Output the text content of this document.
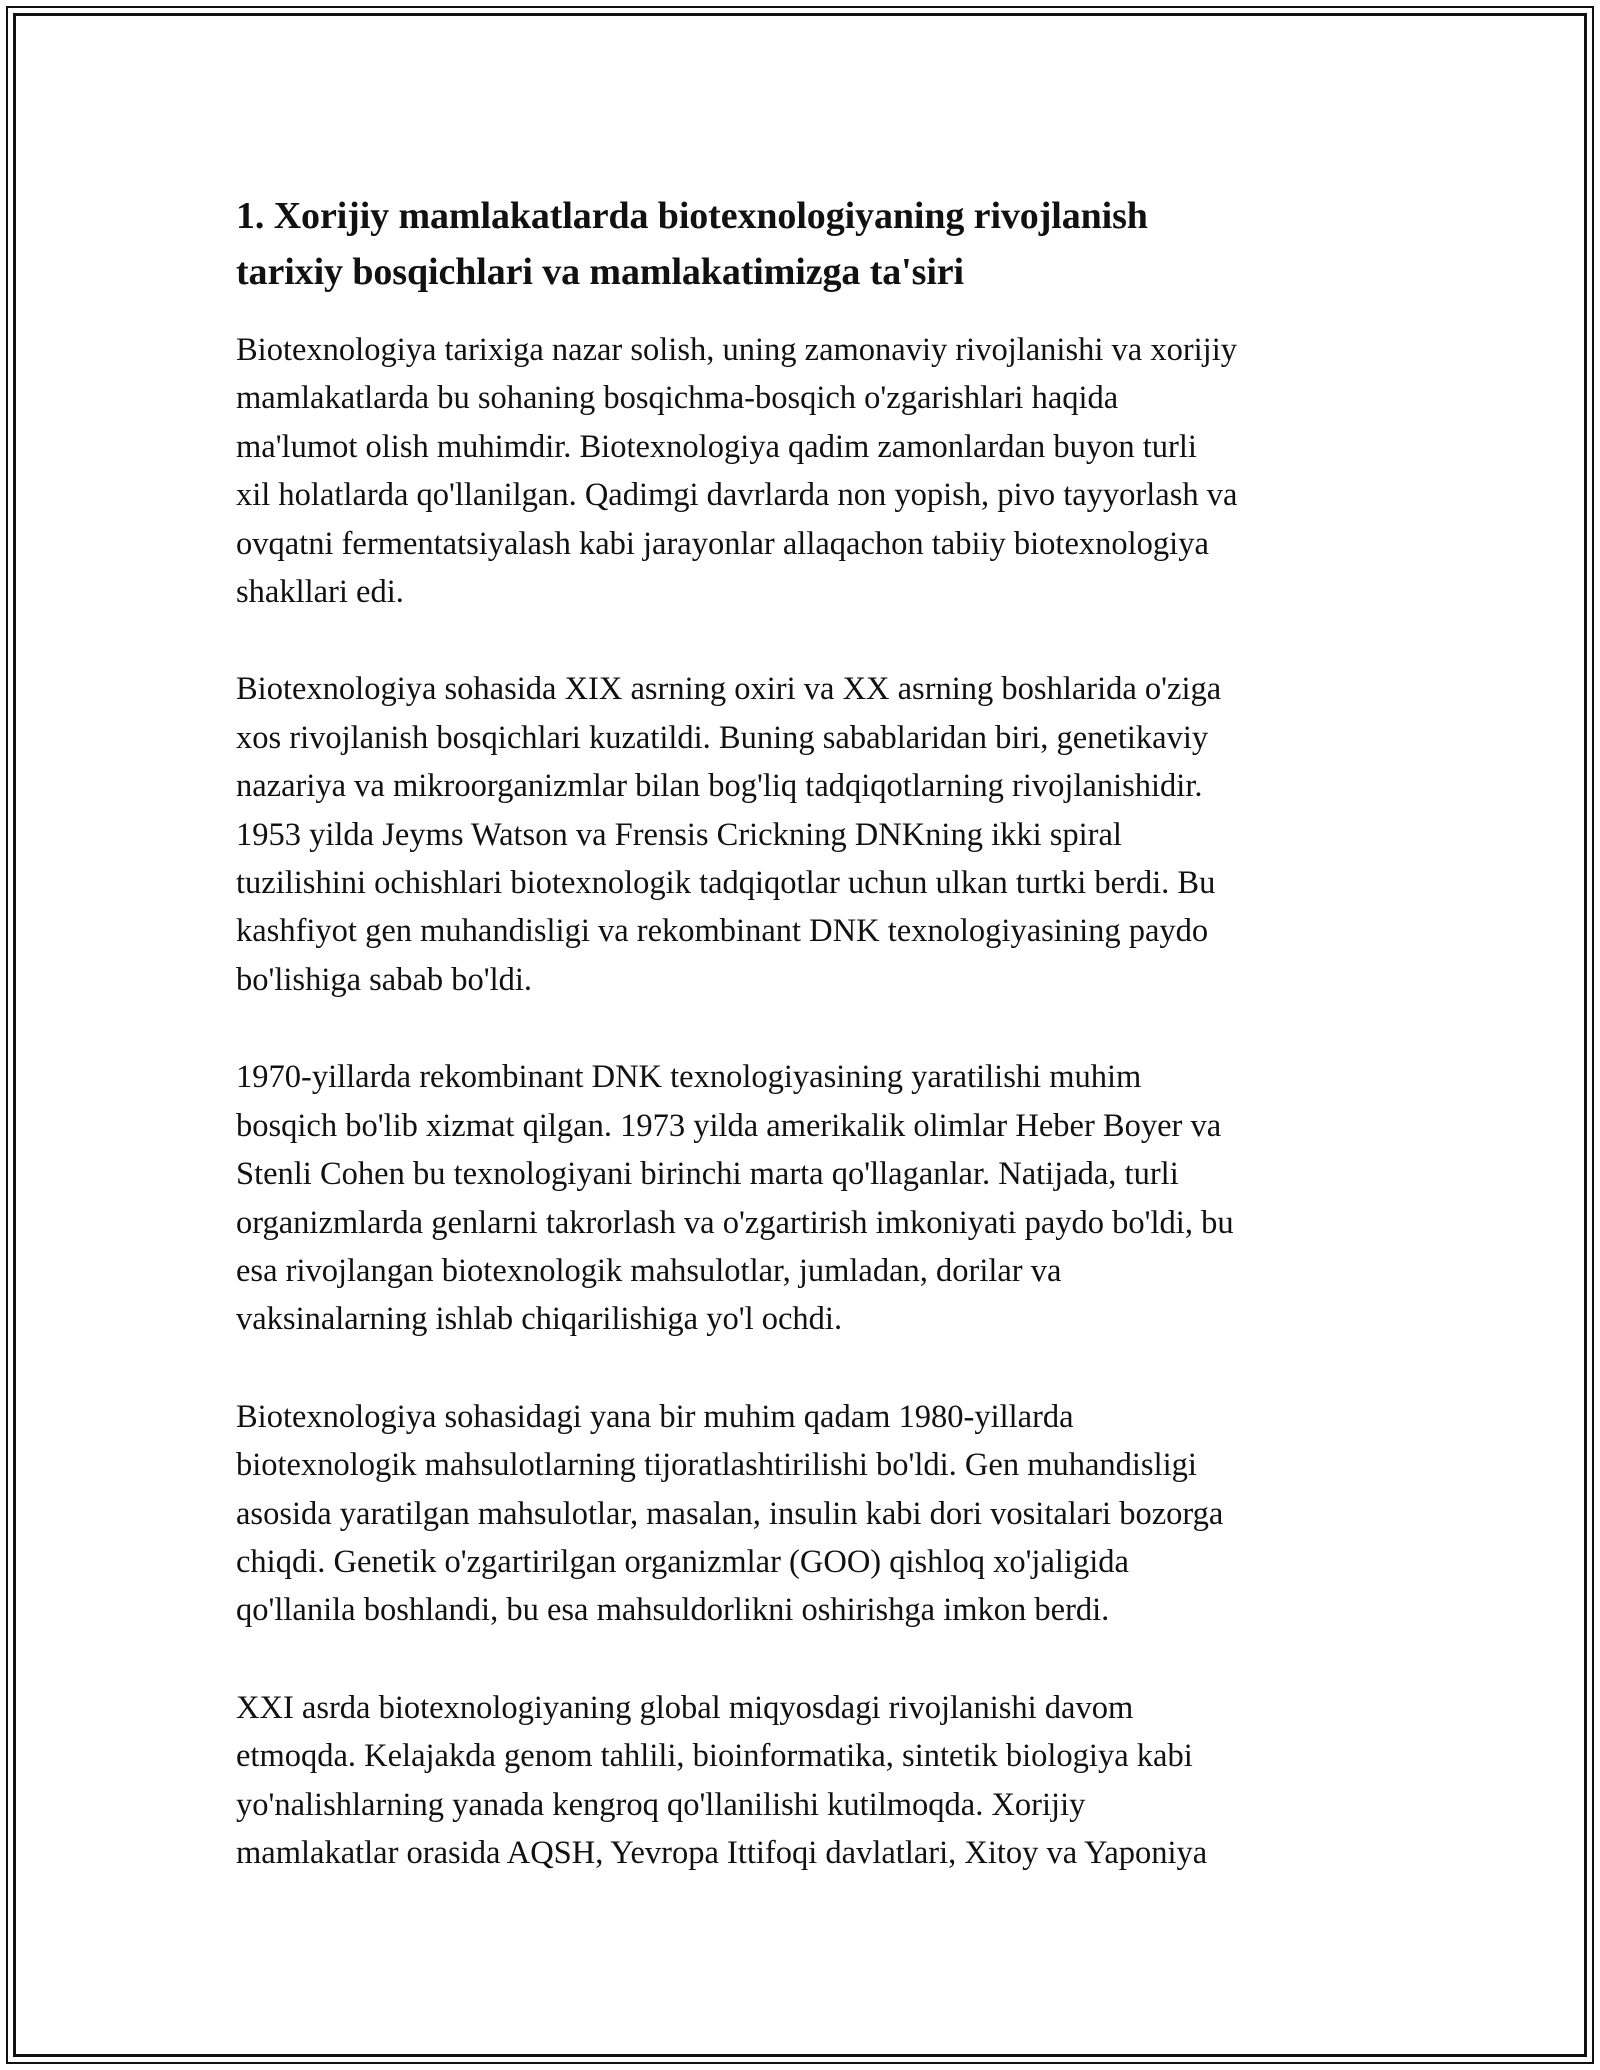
1. Xorijiy mamlakatlarda biotexnologiyaning rivojlanish
tarixiy bosqichlari va mamlakatimizga ta'siri

Biotexnologiya tarixiga nazar solish, uning zamonaviy rivojlanishi va xorijiy
mamlakatlarda bu sohaning bosqichma-bosqich o'zgarishlari haqida
ma'lumot olish muhimdir. Biotexnologiya qadim zamonlardan buyon turli
xil holatlarda qo'llanilgan. Qadimgi davrlarda non yopish, pivo tayyorlash va
ovqatni fermentatsiyalash kabi jarayonlar allaqachon tabiiy biotexnologiya
shakllari edi.

Biotexnologiya sohasida XIX asrning oxiri va XX asrning boshlarida o'ziga
xos rivojlanish bosqichlari kuzatildi. Buning sabablaridan biri, genetikaviy
nazariya va mikroorganizmlar bilan bog'liq tadqiqotlarning rivojlanishidir.
1953 yilda Jeyms Watson va Frensis Crickning DNKning ikki spiral
tuzilishini ochishlari biotexnologik tadqiqotlar uchun ulkan turtki berdi. Bu
kashfiyot gen muhandisligi va rekombinant DNK texnologiyasining paydo
bo'lishiga sabab bo'ldi.

1970-yillarda rekombinant DNK texnologiyasining yaratilishi muhim
bosqich bo'lib xizmat qilgan. 1973 yilda amerikalik olimlar Heber Boyer va
Stenli Cohen bu texnologiyani birinchi marta qo'llaganlar. Natijada, turli
organizmlarda genlarni takrorlash va o'zgartirish imkoniyati paydo bo'ldi, bu
esa rivojlangan biotexnologik mahsulotlar, jumladan, dorilar va
vaksinalarning ishlab chiqarilishiga yo'l ochdi.

Biotexnologiya sohasidagi yana bir muhim qadam 1980-yillarda
biotexnologik mahsulotlarning tijoratlashtirilishi bo'ldi. Gen muhandisligi
asosida yaratilgan mahsulotlar, masalan, insulin kabi dori vositalari bozorga
chiqdi. Genetik o'zgartirilgan organizmlar (GOO) qishloq xo'jaligida
qo'llanila boshlandi, bu esa mahsuldorlikni oshirishga imkon berdi.

XXI asrda biotexnologiyaning global miqyosdagi rivojlanishi davom
etmoqda. Kelajakda genom tahlili, bioinformatika, sintetik biologiya kabi
yo'nalishlarning yanada kengroq qo'llanilishi kutilmoqda. Xorijiy
mamlakatlar orasida AQSH, Yevropa Ittifoqi davlatlari, Xitoy va Yaponiya
